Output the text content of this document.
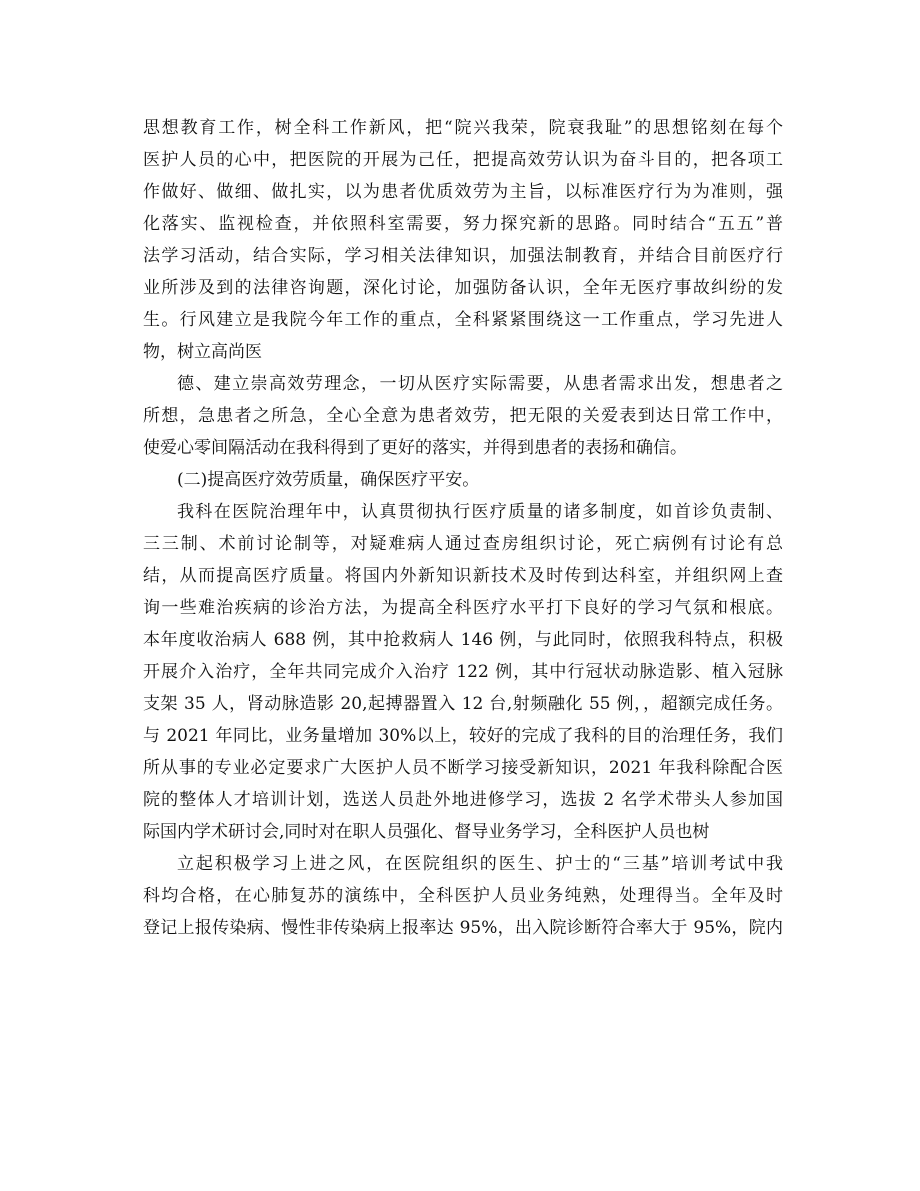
思想教育工作，树全科工作新风，把“院兴我荣，院衰我耻”的思想铭刻在每个
医护人员的心中，把医院的开展为己任，把提高效劳认识为奋斗目的，把各项工
作做好、做细、做扎实，以为患者优质效劳为主旨，以标准医疗行为为准则，强
化落实、监视检查，并依照科室需要，努力探究新的思路。同时结合“五五”普
法学习活动，结合实际，学习相关法律知识，加强法制教育，并结合目前医疗行
业所涉及到的法律咨询题，深化讨论，加强防备认识，全年无医疗事故纠纷的发
生。行风建立是我院今年工作的重点，全科紧紧围绕这一工作重点，学习先进人
物，树立高尚医
德、建立崇高效劳理念，一切从医疗实际需要，从患者需求出发，想患者之
所想，急患者之所急，全心全意为患者效劳，把无限的关爱表到达日常工作中，
使爱心零间隔活动在我科得到了更好的落实，并得到患者的表扬和确信。
(二)提高医疗效劳质量，确保医疗平安。
我科在医院治理年中，认真贯彻执行医疗质量的诸多制度，如首诊负责制、
三三制、术前讨论制等，对疑难病人通过查房组织讨论，死亡病例有讨论有总
结，从而提高医疗质量。将国内外新知识新技术及时传到达科室，并组织网上查
询一些难治疾病的诊治方法，为提高全科医疗水平打下良好的学习气氛和根底。
本年度收治病人 688 例，其中抢救病人 146 例，与此同时，依照我科特点，积极
开展介入治疗，全年共同完成介入治疗 122 例，其中行冠状动脉造影、植入冠脉
支架 35 人，肾动脉造影 20,起搏器置入 12 台,射频融化 55 例，，超额完成任务。
与 2021 年同比，业务量增加 30%以上，较好的完成了我科的目的治理任务，我们
所从事的专业必定要求广大医护人员不断学习接受新知识，2021 年我科除配合医
院的整体人才培训计划，选送人员赴外地进修学习，选拔 2 名学术带头人参加国
际国内学术研讨会,同时对在职人员强化、督导业务学习，全科医护人员也树
立起积极学习上进之风，在医院组织的医生、护士的“三基”培训考试中我
科均合格，在心肺复苏的演练中，全科医护人员业务纯熟，处理得当。全年及时
登记上报传染病、慢性非传染病上报率达 95%，出入院诊断符合率大于 95%，院内
